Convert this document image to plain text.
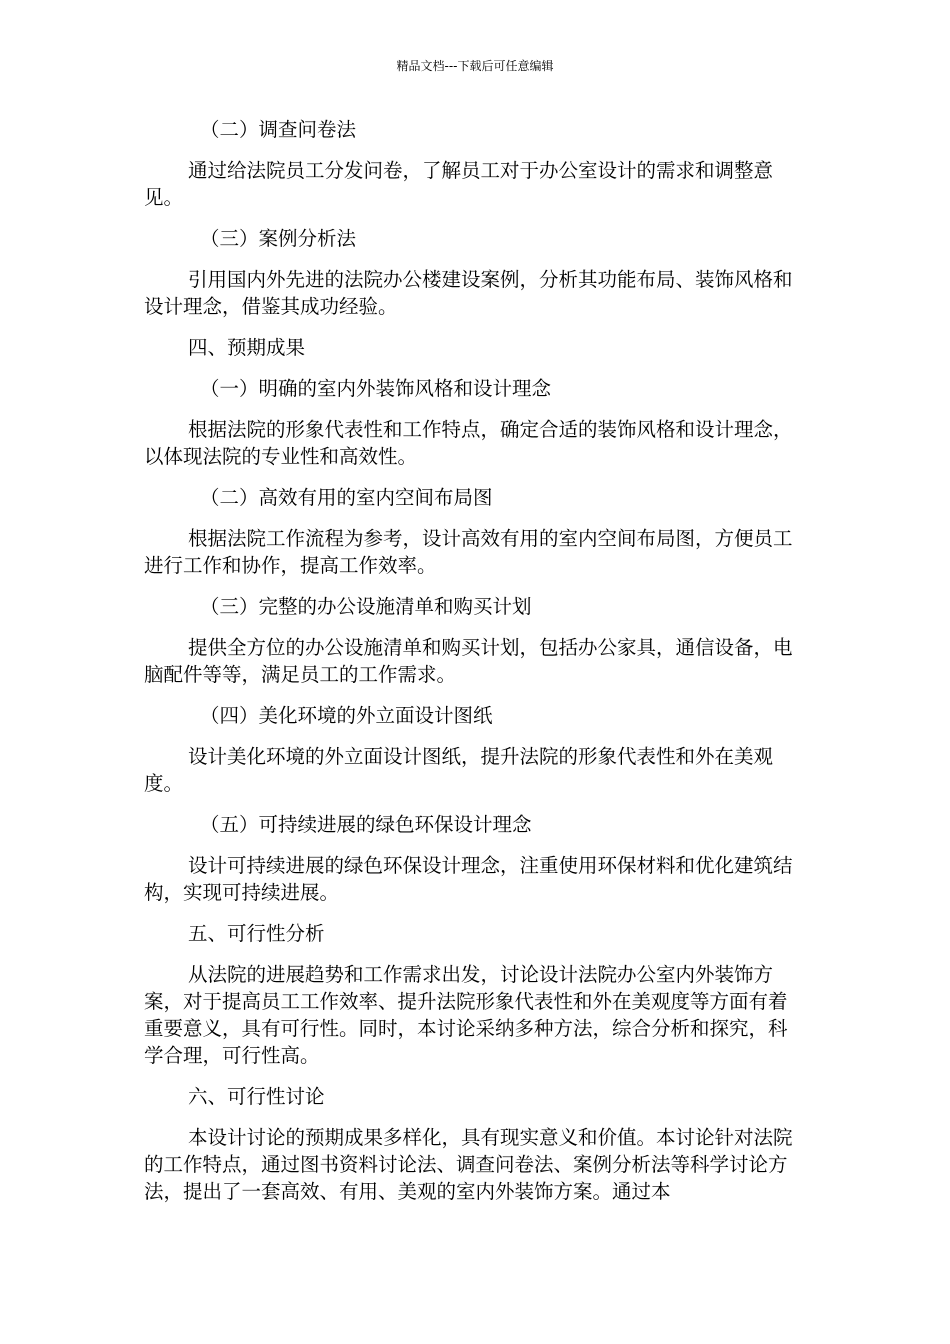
精品文档---下载后可任意编辑

（二）调查问卷法

通过给法院员工分发问卷，了解员工对于办公室设计的需求和调整意见。

（三）案例分析法

引用国内外先进的法院办公楼建设案例，分析其功能布局、装饰风格和设计理念，借鉴其成功经验。

四、预期成果

（一）明确的室内外装饰风格和设计理念

根据法院的形象代表性和工作特点，确定合适的装饰风格和设计理念，以体现法院的专业性和高效性。

（二）高效有用的室内空间布局图

根据法院工作流程为参考，设计高效有用的室内空间布局图，方便员工进行工作和协作，提高工作效率。

（三）完整的办公设施清单和购买计划

提供全方位的办公设施清单和购买计划，包括办公家具，通信设备，电脑配件等等，满足员工的工作需求。

（四）美化环境的外立面设计图纸

设计美化环境的外立面设计图纸，提升法院的形象代表性和外在美观度。

（五）可持续进展的绿色环保设计理念

设计可持续进展的绿色环保设计理念，注重使用环保材料和优化建筑结构，实现可持续进展。

五、可行性分析

从法院的进展趋势和工作需求出发，讨论设计法院办公室内外装饰方案，对于提高员工工作效率、提升法院形象代表性和外在美观度等方面有着重要意义，具有可行性。同时，本讨论采纳多种方法，综合分析和探究，科学合理，可行性高。

六、可行性讨论

本设计讨论的预期成果多样化，具有现实意义和价值。本讨论针对法院的工作特点，通过图书资料讨论法、调查问卷法、案例分析法等科学讨论方法，提出了一套高效、有用、美观的室内外装饰方案。通过本
